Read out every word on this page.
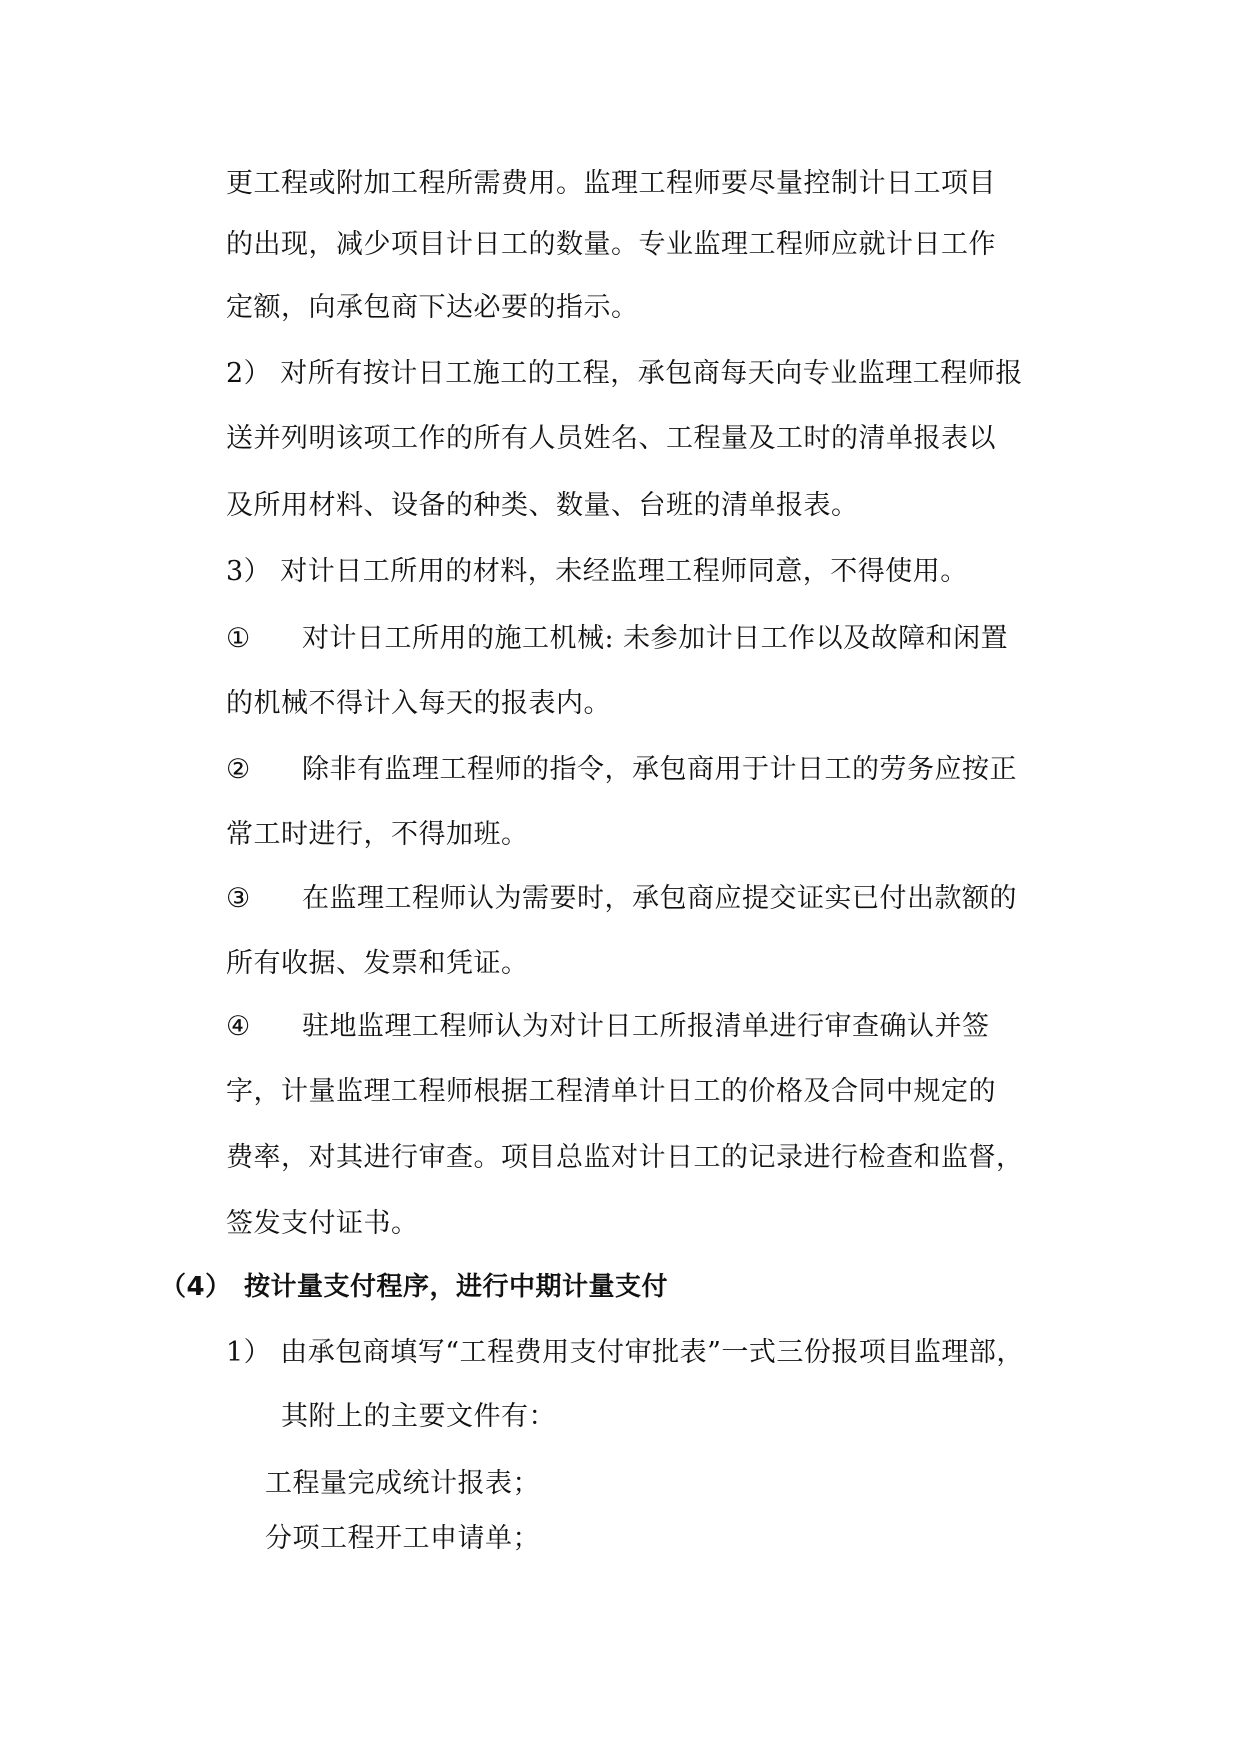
更工程或附加工程所需费用。监理工程师要尽量控制计日工项目
的出现，减少项目计日工的数量。专业监理工程师应就计日工作
定额，向承包商下达必要的指示。
2） 对所有按计日工施工的工程，承包商每天向专业监理工程师报
送并列明该项工作的所有人员姓名、工程量及工时的清单报表以
及所用材料、设备的种类、数量、台班的清单报表。
3） 对计日工所用的材料，未经监理工程师同意，不得使用。
① 对计日工所用的施工机械: 未参加计日工作以及故障和闲置
的机械不得计入每天的报表内。
② 除非有监理工程师的指令，承包商用于计日工的劳务应按正
常工时进行，不得加班。
③ 在监理工程师认为需要时，承包商应提交证实已付出款额的
所有收据、发票和凭证。
④ 驻地监理工程师认为对计日工所报清单进行审查确认并签
字，计量监理工程师根据工程清单计日工的价格及合同中规定的
费率，对其进行审查。项目总监对计日工的记录进行检查和监督，
签发支付证书。
（4） 按计量支付程序，进行中期计量支付
1） 由承包商填写“工程费用支付审批表”一式三份报项目监理部，
其附上的主要文件有：
工程量完成统计报表；
分项工程开工申请单；
